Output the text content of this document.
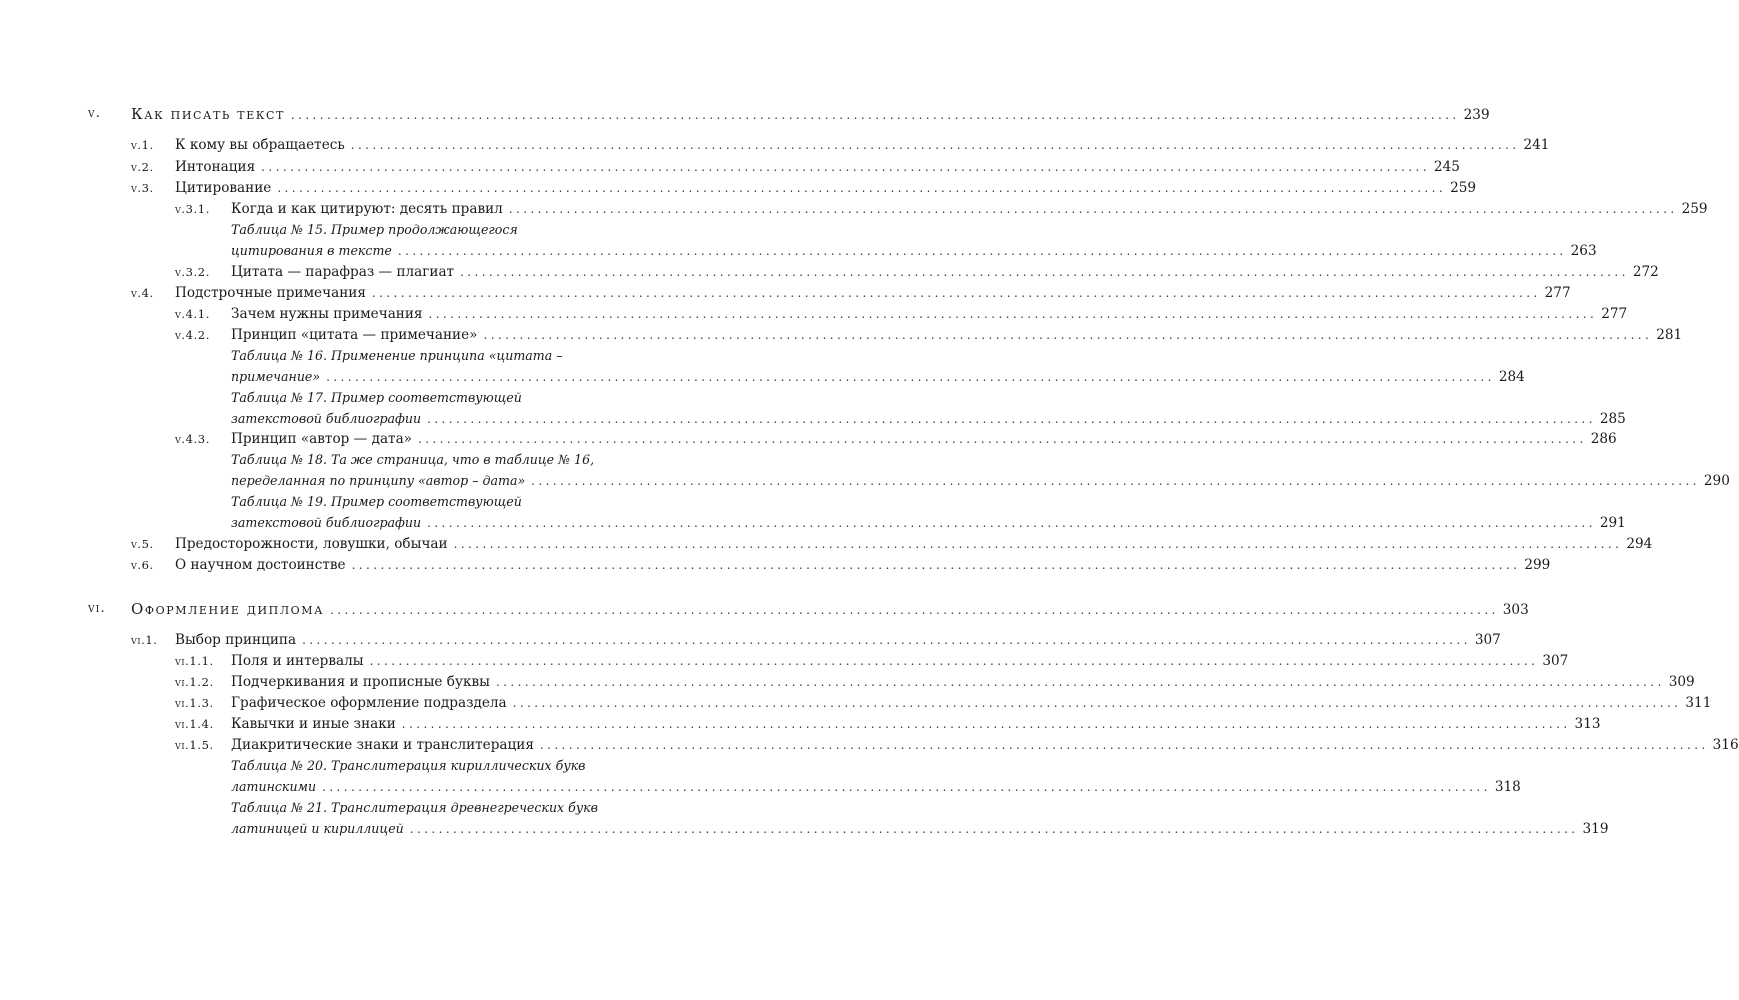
v. Как писать текст .................................................................................................................................................................. 239
v.1. К кому вы обращаетесь .................................................................................................................................................................. 241
v.2. Интонация .................................................................................................................................................................. 245
v.3. Цитирование .................................................................................................................................................................. 259
v.3.1. Когда и как цитируют: десять правил .................................................................................................................................................................. 259
Таблица № 15. Пример продолжающегося
цитирования в тексте .................................................................................................................................................................. 263
v.3.2. Цитата — парафраз — плагиат .................................................................................................................................................................. 272
v.4. Подстрочные примечания .................................................................................................................................................................. 277
v.4.1. Зачем нужны примечания .................................................................................................................................................................. 277
v.4.2. Принцип «цитата — примечание» .................................................................................................................................................................. 281
Таблица № 16. Применение принципа «цитата –
примечание» .................................................................................................................................................................. 284
Таблица № 17. Пример соответствующей
затекстовой библиографии .................................................................................................................................................................. 285
v.4.3. Принцип «автор — дата» .................................................................................................................................................................. 286
Таблица № 18. Та же страница, что в таблице № 16,
переделанная по принципу «автор – дата» .................................................................................................................................................................. 290
Таблица № 19. Пример соответствующей
затекстовой библиографии .................................................................................................................................................................. 291
v.5. Предосторожности, ловушки, обычаи .................................................................................................................................................................. 294
v.6. О научном достоинстве .................................................................................................................................................................. 299
vi. Оформление диплома .................................................................................................................................................................. 303
vi.1. Выбор принципа .................................................................................................................................................................. 307
vi.1.1. Поля и интервалы .................................................................................................................................................................. 307
vi.1.2. Подчеркивания и прописные буквы .................................................................................................................................................................. 309
vi.1.3. Графическое оформление подраздела .................................................................................................................................................................. 311
vi.1.4. Кавычки и иные знаки .................................................................................................................................................................. 313
vi.1.5. Диакритические знаки и транслитерация .................................................................................................................................................................. 316
Таблица № 20. Транслитерация кириллических букв
латинскими .................................................................................................................................................................. 318
Таблица № 21. Транслитерация древнегреческих букв
латиницей и кириллицей .................................................................................................................................................................. 319
